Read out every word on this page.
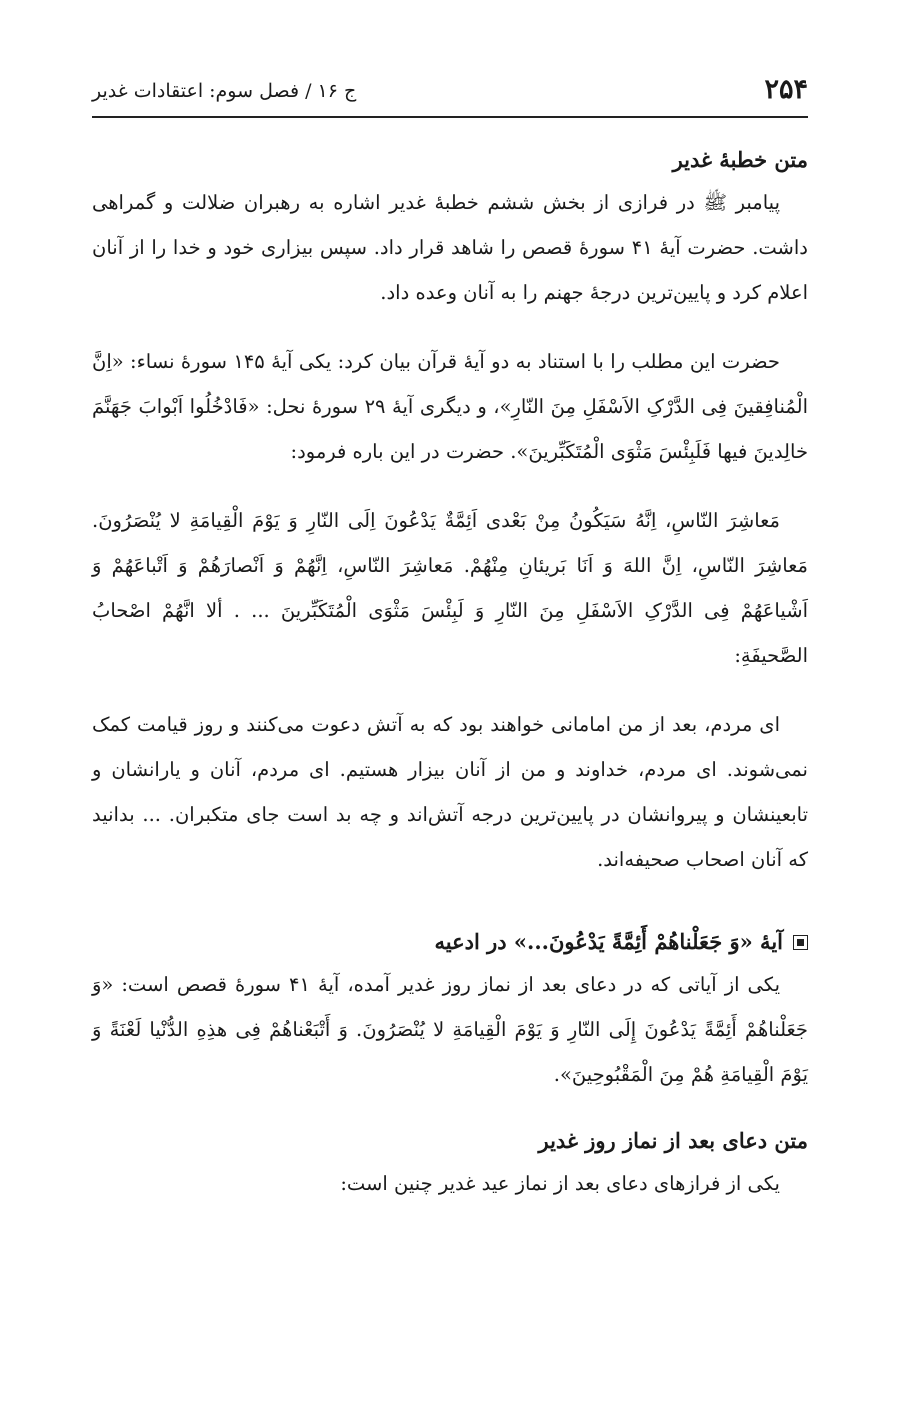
۲۵۴
ج ۱۶ / فصل سوم: اعتقادات غدیر
متن خطبهٔ غدیر

پیامبر ﷺ در فرازی از بخش ششم خطبهٔ غدیر اشاره به رهبران ضلالت و گمراهی داشت. حضرت آیهٔ ۴۱ سورهٔ قصص را شاهد قرار داد. سپس بیزاری خود و خدا را از آنان اعلام کرد و پایین‌ترین درجهٔ جهنم را به آنان وعده داد.

حضرت این مطلب را با استناد به دو آیهٔ قرآن بیان کرد: یکی آیهٔ ۱۴۵ سورهٔ نساء: «اِنَّ الْمُنافِقینَ فِی الدَّرْکِ الاَسْفَلِ مِنَ النّارِ»، و دیگری آیهٔ ۲۹ سورهٔ نحل: «فَادْخُلُوا اَبْوابَ جَهَنَّمَ خالِدینَ فیها فَلَبِئْسَ مَثْوَی الْمُتَکَبِّرینَ». حضرت در این باره فرمود:

مَعاشِرَ النّاسِ، اِنَّهُ سَیَکُونُ مِنْ بَعْدی اَئِمَّةٌ یَدْعُونَ اِلَی النّارِ وَ یَوْمَ الْقِیامَةِ لا یُنْصَرُونَ. مَعاشِرَ النّاسِ، اِنَّ اللهَ وَ اَنَا بَریئانِ مِنْهُمْ. مَعاشِرَ النّاسِ، اِنَّهُمْ وَ اَنْصارَهُمْ وَ اَتْباعَهُمْ وَ اَشْیاعَهُمْ فِی الدَّرْکِ الاَسْفَلِ مِنَ النّارِ وَ لَبِئْسَ مَثْوَی الْمُتَکَبِّرینَ ... . ألا انَّهُمْ اصْحابُ الصَّحیفَةِ:

ای مردم، بعد از من امامانی خواهند بود که به آتش دعوت می‌کنند و روز قیامت کمک نمی‌شوند. ای مردم، خداوند و من از آنان بیزار هستیم. ای مردم، آنان و یارانشان و تابعینشان و پیروانشان در پایین‌ترین درجه آتش‌اند و چه بد است جای متکبران. ... بدانید که آنان اصحاب صحیفه‌اند.

آیهٔ «وَ جَعَلْناهُمْ أَئِمَّةً یَدْعُونَ...» در ادعیه

یکی از آیاتی که در دعای بعد از نماز روز غدیر آمده، آیهٔ ۴۱ سورهٔ قصص است: «وَ جَعَلْناهُمْ أَئِمَّةً یَدْعُونَ إِلَی النّارِ وَ یَوْمَ الْقِیامَةِ لا یُنْصَرُونَ. وَ أَتْبَعْناهُمْ فِی هذِهِ الدُّنْیا لَعْنَةً وَ یَوْمَ الْقِیامَةِ هُمْ مِنَ الْمَقْبُوحِینَ».

متن دعای بعد از نماز روز غدیر

یکی از فرازهای دعای بعد از نماز عید غدیر چنین است:
